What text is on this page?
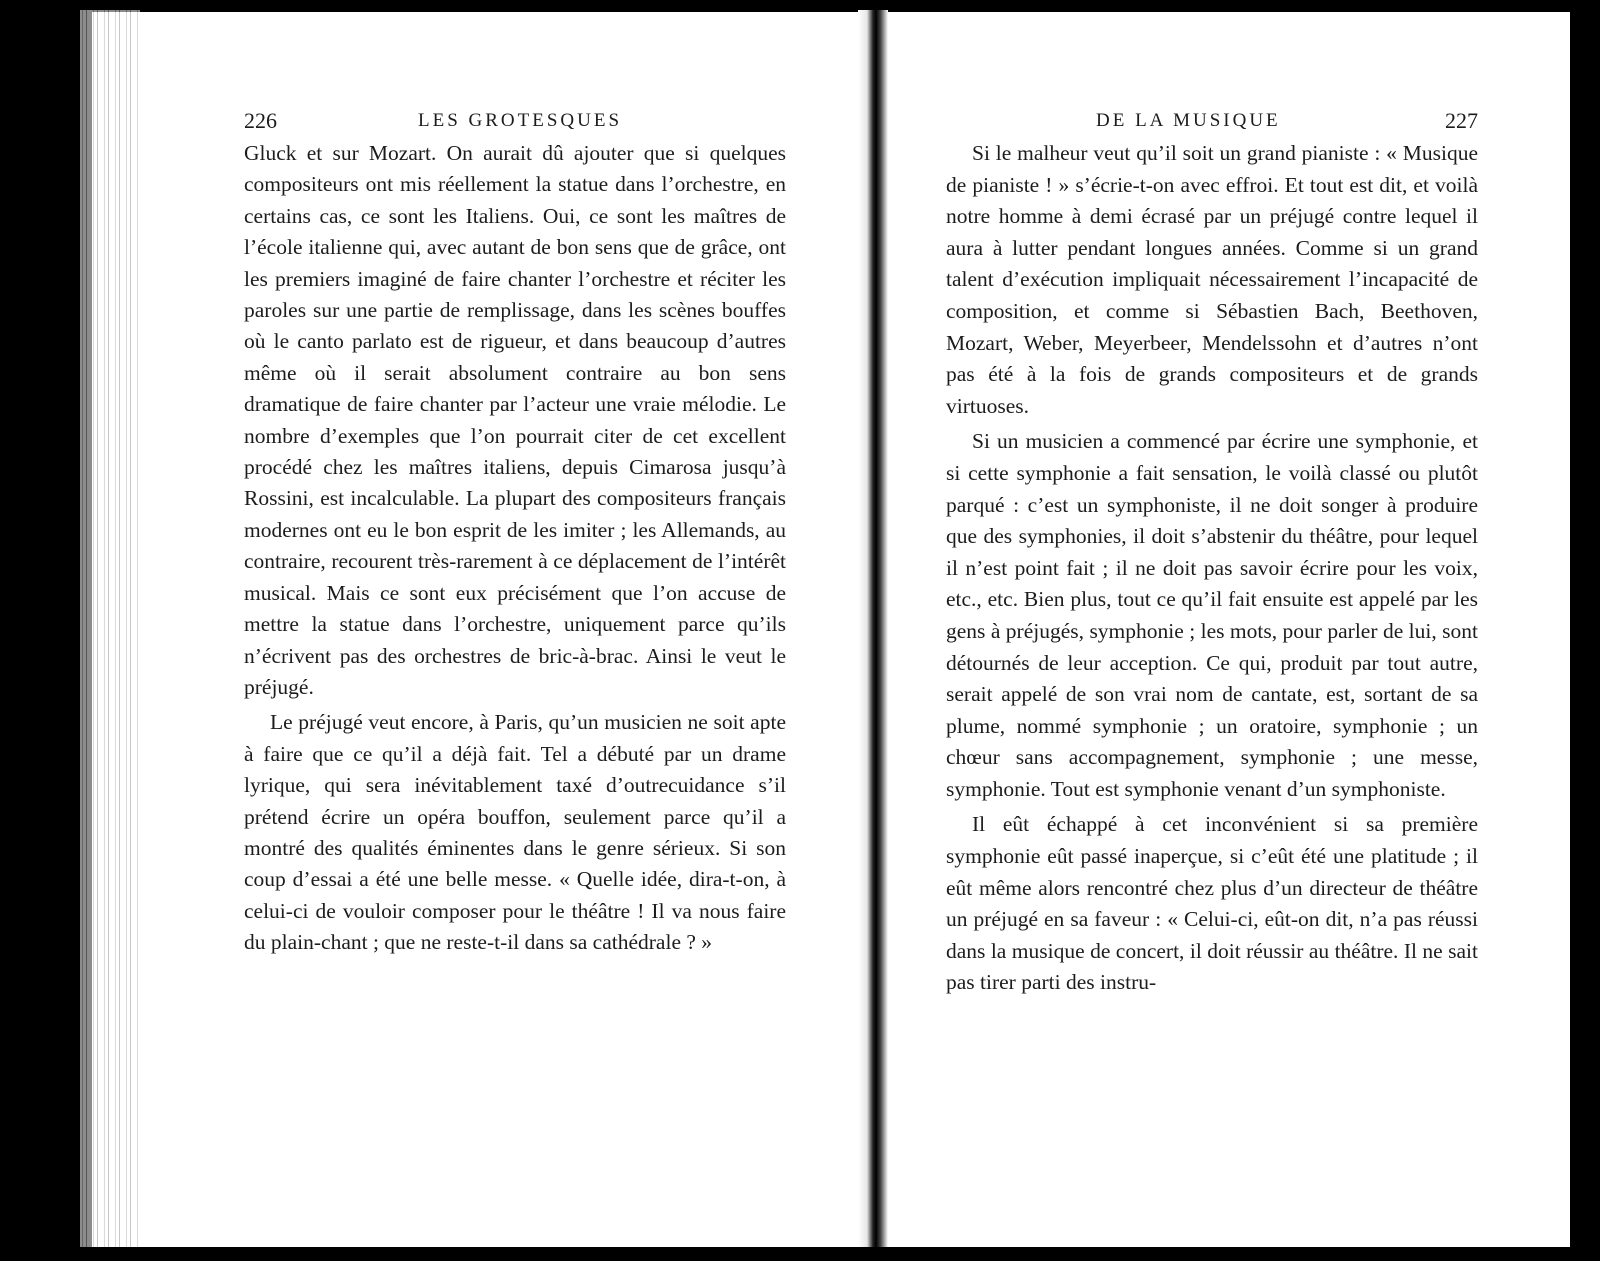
226	LES GROTESQUES

Gluck et sur Mozart. On aurait dû ajouter que si quelques compositeurs ont mis réellement la statue dans l’orchestre, en certains cas, ce sont les Italiens. Oui, ce sont les maîtres de l’école italienne qui, avec autant de bon sens que de grâce, ont les premiers imaginé de faire chanter l’orchestre et réciter les paroles sur une partie de remplissage, dans les scènes bouffes où le canto parlato est de rigueur, et dans beaucoup d’autres même où il serait absolument contraire au bon sens dramatique de faire chanter par l’acteur une vraie mélodie. Le nombre d’exemples que l’on pourrait citer de cet excellent procédé chez les maîtres italiens, depuis Cimarosa jusqu’à Rossini, est incalculable. La plupart des compositeurs français modernes ont eu le bon esprit de les imiter ; les Allemands, au contraire, recourent très-rarement à ce déplacement de l’intérêt musical. Mais ce sont eux précisément que l’on accuse de mettre la statue dans l’orchestre, uniquement parce qu’ils n’écrivent pas des orchestres de bric-à-brac. Ainsi le veut le préjugé.

Le préjugé veut encore, à Paris, qu’un musicien ne soit apte à faire que ce qu’il a déjà fait. Tel a débuté par un drame lyrique, qui sera inévitablement taxé d’outrecuidance s’il prétend écrire un opéra bouffon, seulement parce qu’il a montré des qualités éminentes dans le genre sérieux. Si son coup d’essai a été une belle messe. « Quelle idée, dira-t-on, à celui-ci de vouloir composer pour le théâtre ! Il va nous faire du plain-chant ; que ne reste-t-il dans sa cathédrale ? »

DE LA MUSIQUE	227

Si le malheur veut qu’il soit un grand pianiste : « Musique de pianiste ! » s’écrie-t-on avec effroi. Et tout est dit, et voilà notre homme à demi écrasé par un préjugé contre lequel il aura à lutter pendant longues années. Comme si un grand talent d’exécution impliquait nécessairement l’incapacité de composition, et comme si Sébastien Bach, Beethoven, Mozart, Weber, Meyerbeer, Mendelssohn et d’autres n’ont pas été à la fois de grands compositeurs et de grands virtuoses.

Si un musicien a commencé par écrire une symphonie, et si cette symphonie a fait sensation, le voilà classé ou plutôt parqué : c’est un symphoniste, il ne doit songer à produire que des symphonies, il doit s’abstenir du théâtre, pour lequel il n’est point fait ; il ne doit pas savoir écrire pour les voix, etc., etc. Bien plus, tout ce qu’il fait ensuite est appelé par les gens à préjugés, symphonie ; les mots, pour parler de lui, sont détournés de leur acception. Ce qui, produit par tout autre, serait appelé de son vrai nom de cantate, est, sortant de sa plume, nommé symphonie ; un oratoire, symphonie ; un chœur sans accompagnement, symphonie ; une messe, symphonie. Tout est symphonie venant d’un symphoniste.

Il eût échappé à cet inconvénient si sa première symphonie eût passé inaperçue, si c’eût été une platitude ; il eût même alors rencontré chez plus d’un directeur de théâtre un préjugé en sa faveur : « Celui-ci, eût-on dit, n’a pas réussi dans la musique de concert, il doit réussir au théâtre. Il ne sait pas tirer parti des instru-
